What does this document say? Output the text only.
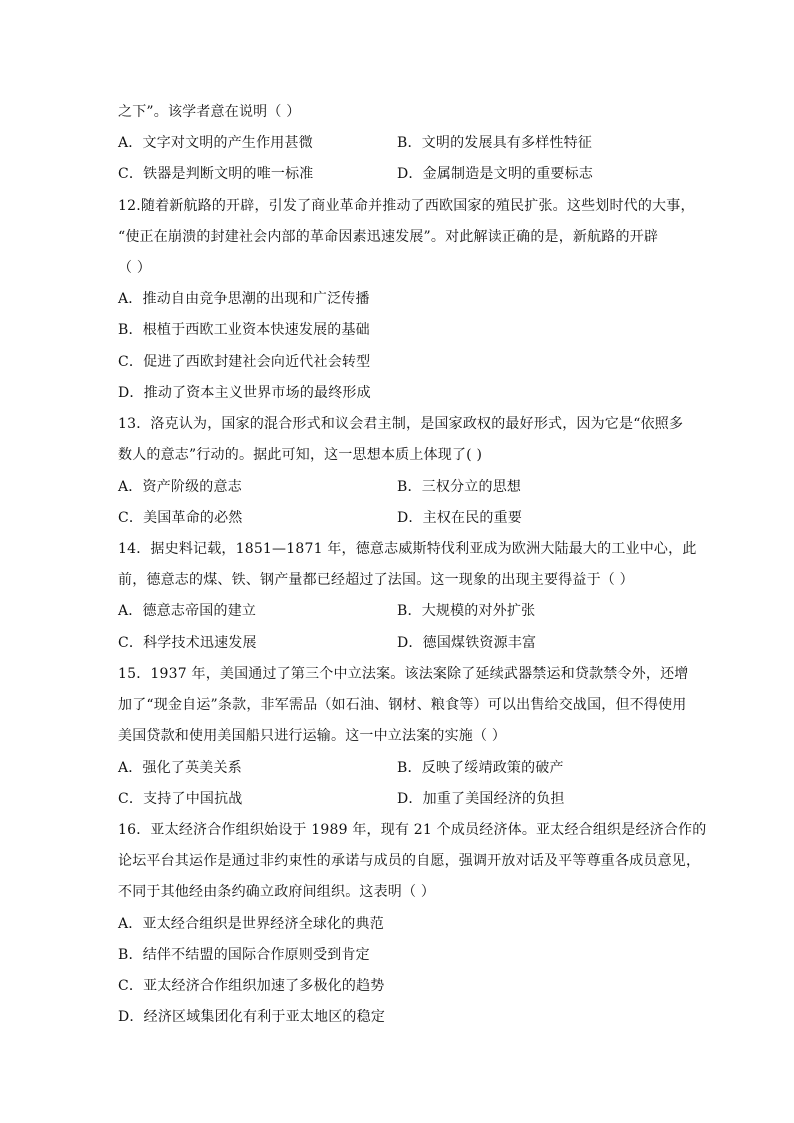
之下”。该学者意在说明（ ）
A．文字对文明的产生作用甚微	B．文明的发展具有多样性特征
C．铁器是判断文明的唯一标准	D．金属制造是文明的重要标志
12.随着新航路的开辟，引发了商业革命并推动了西欧国家的殖民扩张。这些划时代的大事，
“使正在崩溃的封建社会内部的革命因素迅速发展”。对此解读正确的是，新航路的开辟
（ ）
A．推动自由竞争思潮的出现和广泛传播
B．根植于西欧工业资本快速发展的基础
C．促进了西欧封建社会向近代社会转型
D．推动了资本主义世界市场的最终形成
13．洛克认为，国家的混合形式和议会君主制，是国家政权的最好形式，因为它是“依照多
数人的意志”行动的。据此可知，这一思想本质上体现了( )
A．资产阶级的意志	B．三权分立的思想
C．美国革命的必然	D．主权在民的重要
14．据史料记载，1851—1871 年，德意志威斯特伐利亚成为欧洲大陆最大的工业中心，此
前，德意志的煤、铁、钢产量都已经超过了法国。这一现象的出现主要得益于（ ）
A．德意志帝国的建立	B．大规模的对外扩张
C．科学技术迅速发展	D．德国煤铁资源丰富
15．1937 年，美国通过了第三个中立法案。该法案除了延续武器禁运和贷款禁令外，还增
加了“现金自运”条款，非军需品（如石油、钢材、粮食等）可以出售给交战国，但不得使用
美国贷款和使用美国船只进行运输。这一中立法案的实施（ ）
A．强化了英美关系	B．反映了绥靖政策的破产
C．支持了中国抗战	D．加重了美国经济的负担
16．亚太经济合作组织始设于 1989 年，现有 21 个成员经济体。亚太经合组织是经济合作的
论坛平台其运作是通过非约束性的承诺与成员的自愿，强调开放对话及平等尊重各成员意见，
不同于其他经由条约确立政府间组织。这表明（ ）
A．亚太经合组织是世界经济全球化的典范
B．结伴不结盟的国际合作原则受到肯定
C．亚太经济合作组织加速了多极化的趋势
D．经济区域集团化有利于亚太地区的稳定
